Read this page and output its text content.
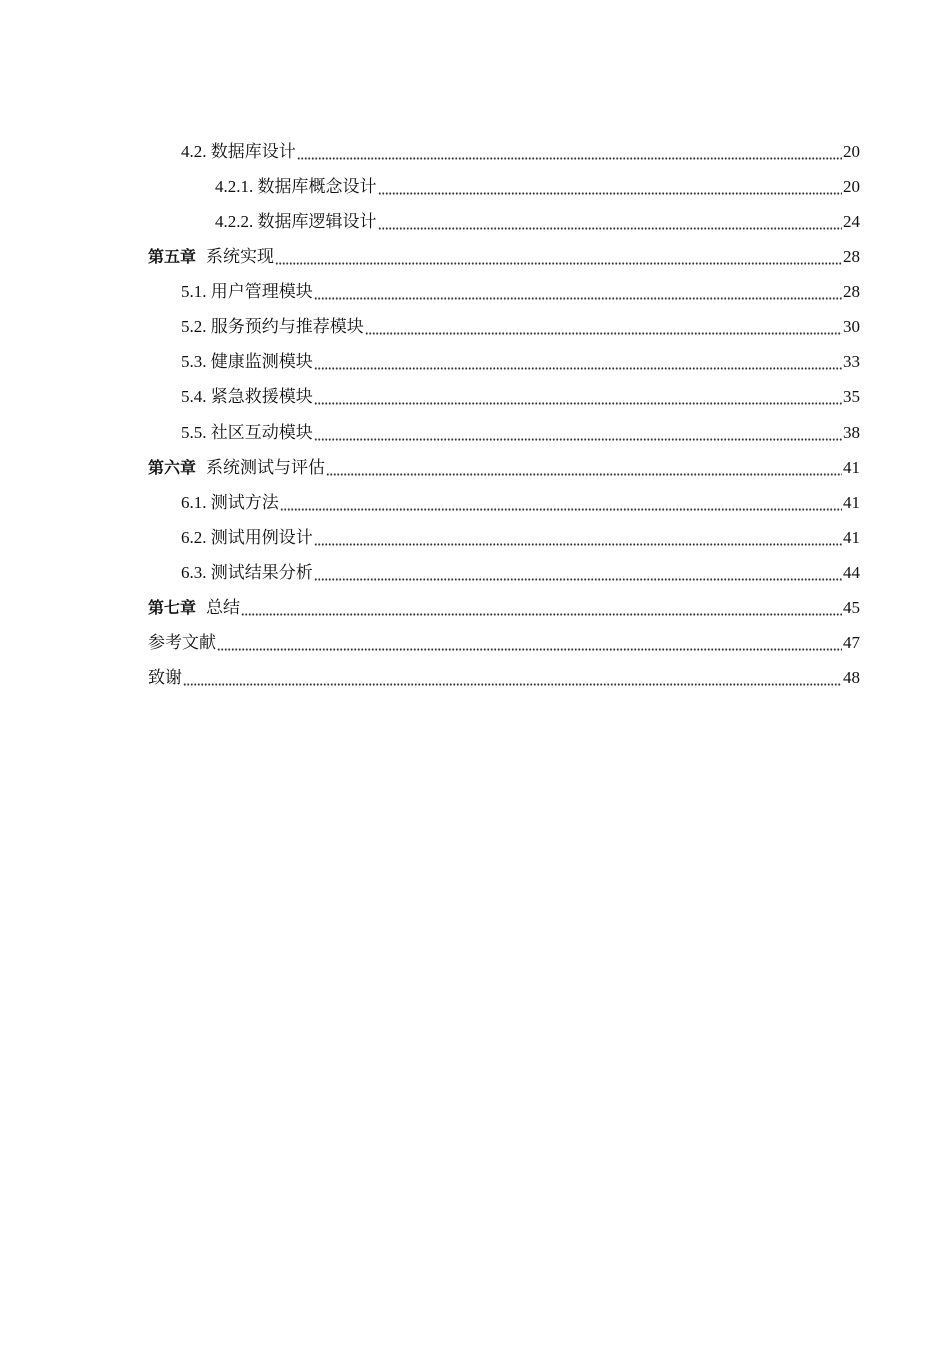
4.2. 数据库设计	20
4.2.1. 数据库概念设计	20
4.2.2. 数据库逻辑设计	24
第五章 系统实现	28
5.1. 用户管理模块	28
5.2. 服务预约与推荐模块	30
5.3. 健康监测模块	33
5.4. 紧急救援模块	35
5.5. 社区互动模块	38
第六章 系统测试与评估	41
6.1. 测试方法	41
6.2. 测试用例设计	41
6.3. 测试结果分析	44
第七章 总结	45
参考文献	47
致谢	48
